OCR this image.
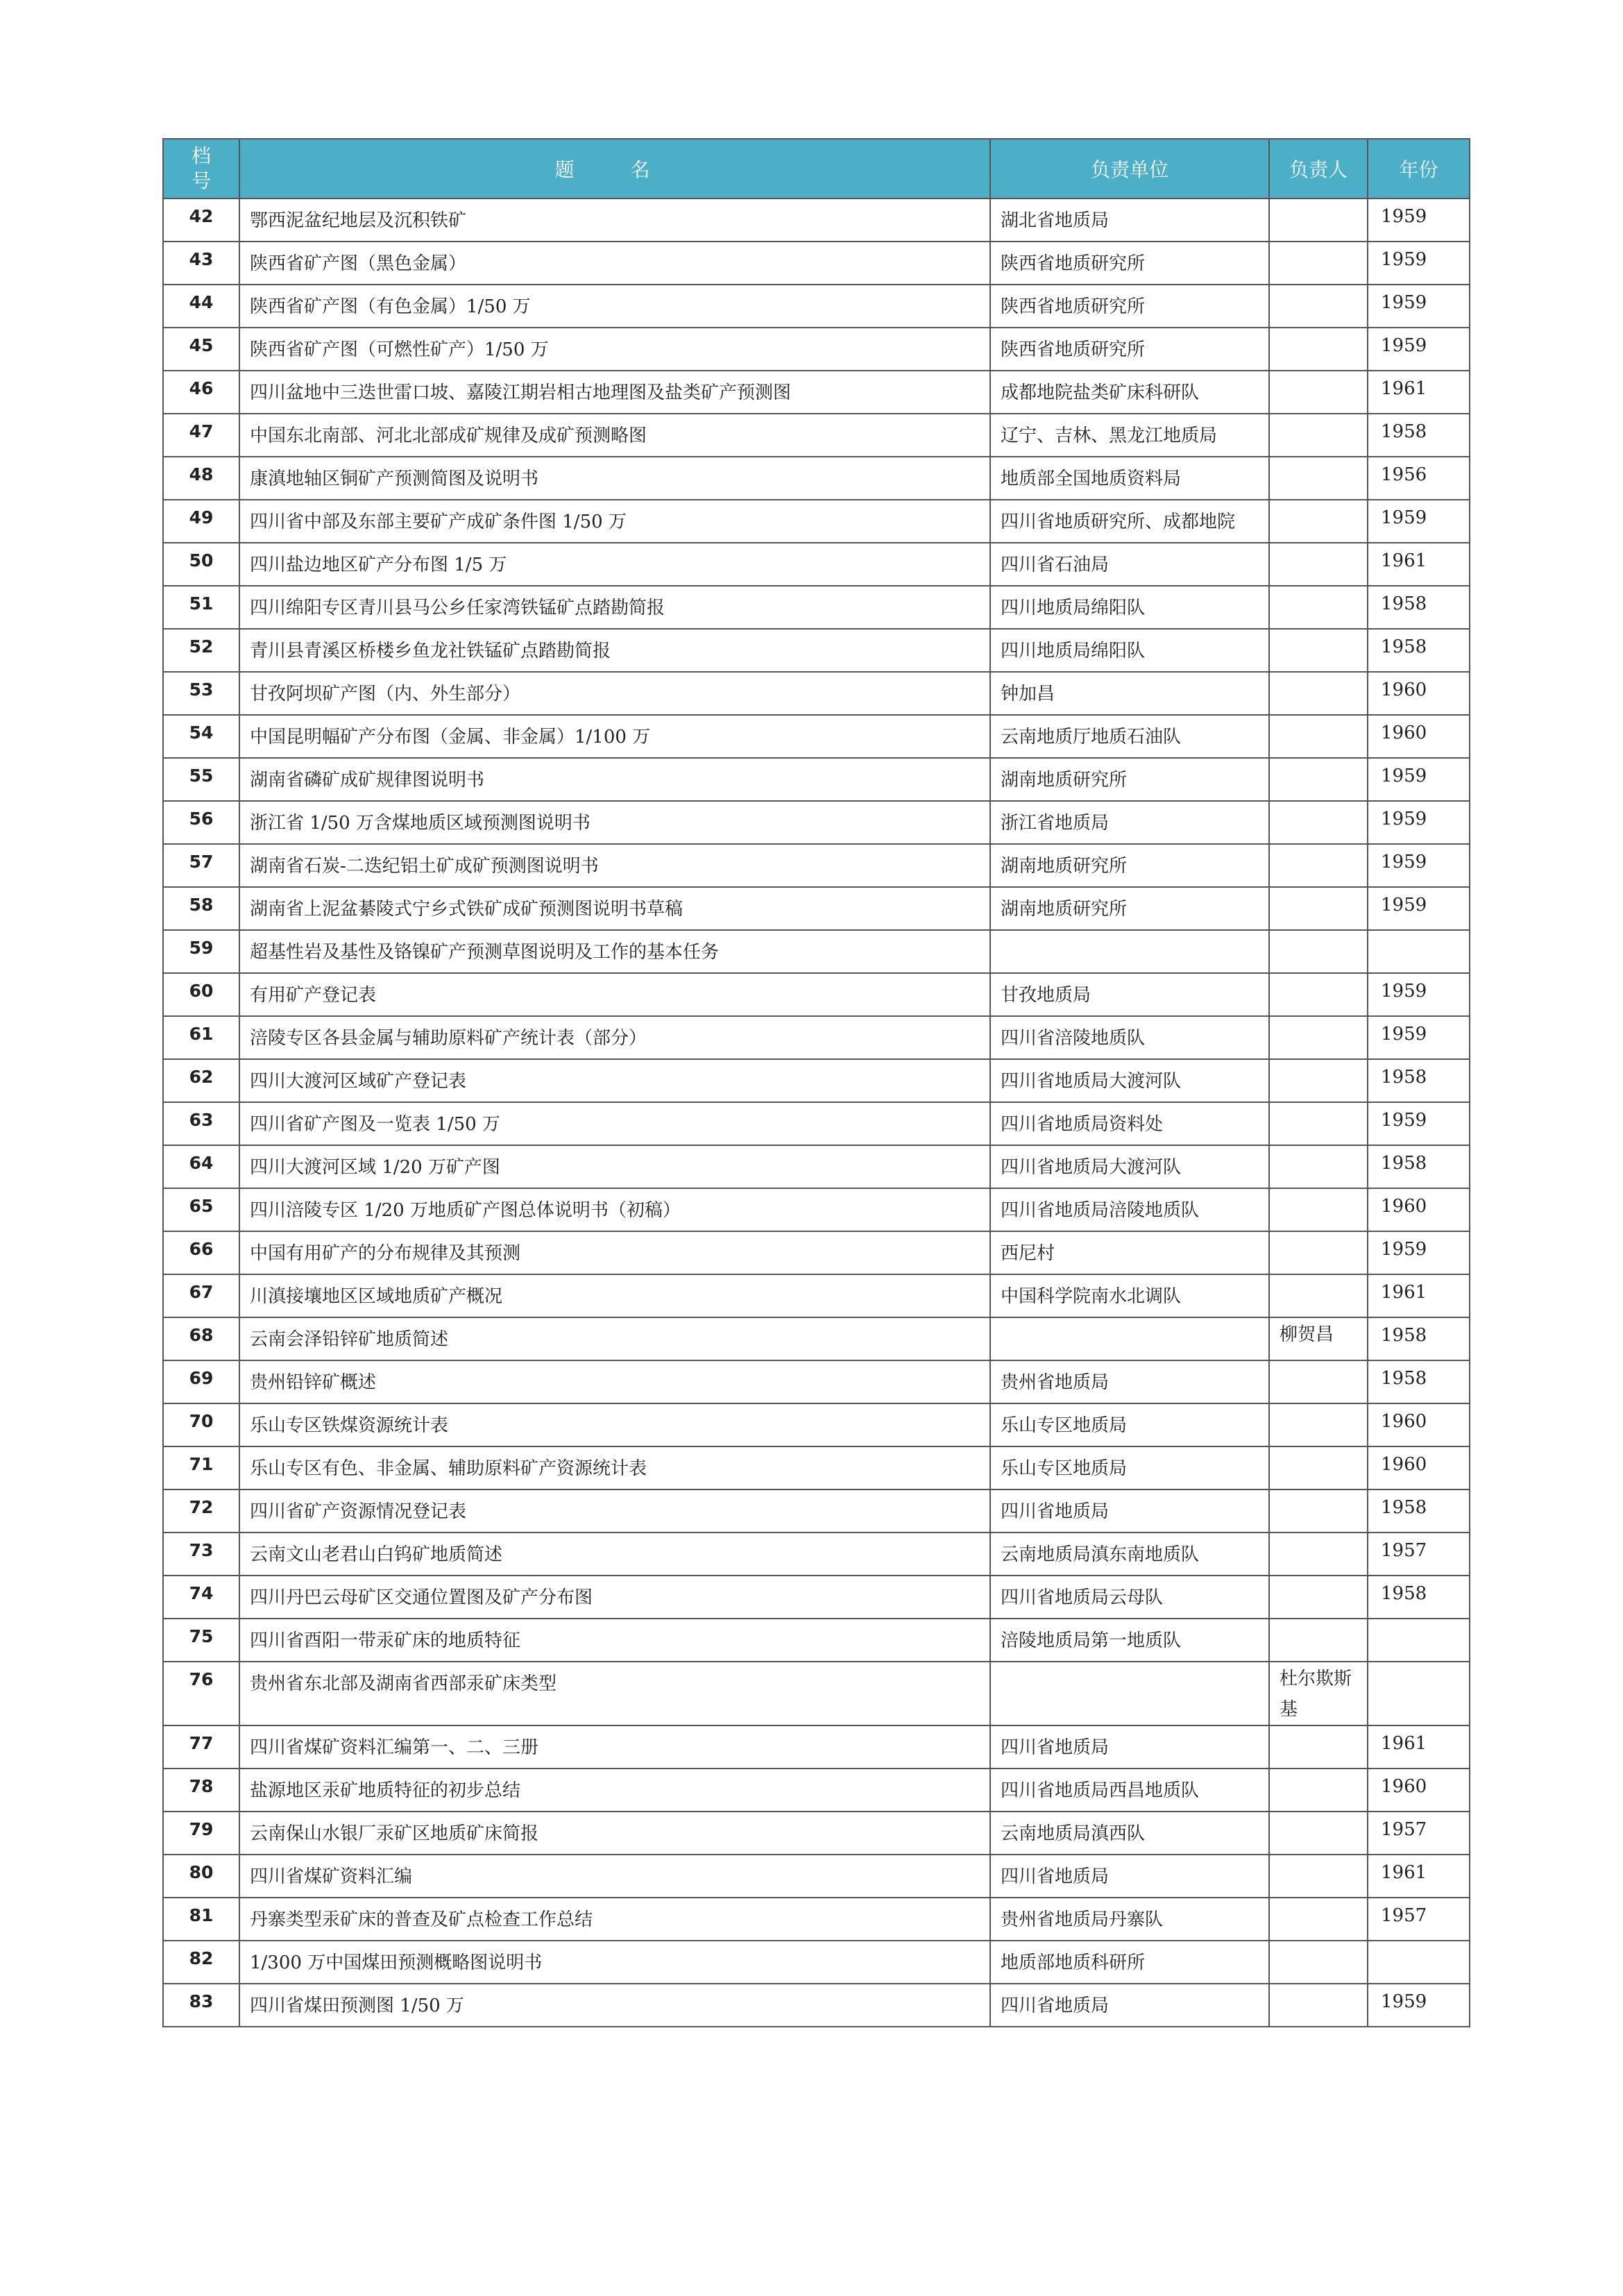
档
号	题 名	负责单位	负责人	年份
42	鄂西泥盆纪地层及沉积铁矿	湖北省地质局		1959
43	陕西省矿产图（黑色金属）	陕西省地质研究所		1959
44	陕西省矿产图（有色金属）1/50 万	陕西省地质研究所		1959
45	陕西省矿产图（可燃性矿产）1/50 万	陕西省地质研究所		1959
46	四川盆地中三迭世雷口坡、嘉陵江期岩相古地理图及盐类矿产预测图	成都地院盐类矿床科研队		1961
47	中国东北南部、河北北部成矿规律及成矿预测略图	辽宁、吉林、黑龙江地质局		1958
48	康滇地轴区铜矿产预测简图及说明书	地质部全国地质资料局		1956
49	四川省中部及东部主要矿产成矿条件图 1/50 万	四川省地质研究所、成都地院		1959
50	四川盐边地区矿产分布图 1/5 万	四川省石油局		1961
51	四川绵阳专区青川县马公乡任家湾铁锰矿点踏勘简报	四川地质局绵阳队		1958
52	青川县青溪区桥楼乡鱼龙社铁锰矿点踏勘简报	四川地质局绵阳队		1958
53	甘孜阿坝矿产图（内、外生部分）	钟加昌		1960
54	中国昆明幅矿产分布图（金属、非金属）1/100 万	云南地质厅地质石油队		1960
55	湖南省磷矿成矿规律图说明书	湖南地质研究所		1959
56	浙江省 1/50 万含煤地质区域预测图说明书	浙江省地质局		1959
57	湖南省石炭-二迭纪铝土矿成矿预测图说明书	湖南地质研究所		1959
58	湖南省上泥盆綦陵式宁乡式铁矿成矿预测图说明书草稿	湖南地质研究所		1959
59	超基性岩及基性及铬镍矿产预测草图说明及工作的基本任务			
60	有用矿产登记表	甘孜地质局		1959
61	涪陵专区各县金属与辅助原料矿产统计表（部分）	四川省涪陵地质队		1959
62	四川大渡河区域矿产登记表	四川省地质局大渡河队		1958
63	四川省矿产图及一览表 1/50 万	四川省地质局资料处		1959
64	四川大渡河区域 1/20 万矿产图	四川省地质局大渡河队		1958
65	四川涪陵专区 1/20 万地质矿产图总体说明书（初稿）	四川省地质局涪陵地质队		1960
66	中国有用矿产的分布规律及其预测	西尼村		1959
67	川滇接壤地区区域地质矿产概况	中国科学院南水北调队		1961
68	云南会泽铅锌矿地质简述		柳贺昌	1958
69	贵州铅锌矿概述	贵州省地质局		1958
70	乐山专区铁煤资源统计表	乐山专区地质局		1960
71	乐山专区有色、非金属、辅助原料矿产资源统计表	乐山专区地质局		1960
72	四川省矿产资源情况登记表	四川省地质局		1958
73	云南文山老君山白钨矿地质简述	云南地质局滇东南地质队		1957
74	四川丹巴云母矿区交通位置图及矿产分布图	四川省地质局云母队		1958
75	四川省酉阳一带汞矿床的地质特征	涪陵地质局第一地质队		
76	贵州省东北部及湖南省西部汞矿床类型		杜尔欺斯基	
77	四川省煤矿资料汇编第一、二、三册	四川省地质局		1961
78	盐源地区汞矿地质特征的初步总结	四川省地质局西昌地质队		1960
79	云南保山水银厂汞矿区地质矿床简报	云南地质局滇西队		1957
80	四川省煤矿资料汇编	四川省地质局		1961
81	丹寨类型汞矿床的普查及矿点检查工作总结	贵州省地质局丹寨队		1957
82	1/300 万中国煤田预测概略图说明书	地质部地质科研所		
83	四川省煤田预测图 1/50 万	四川省地质局		1959
